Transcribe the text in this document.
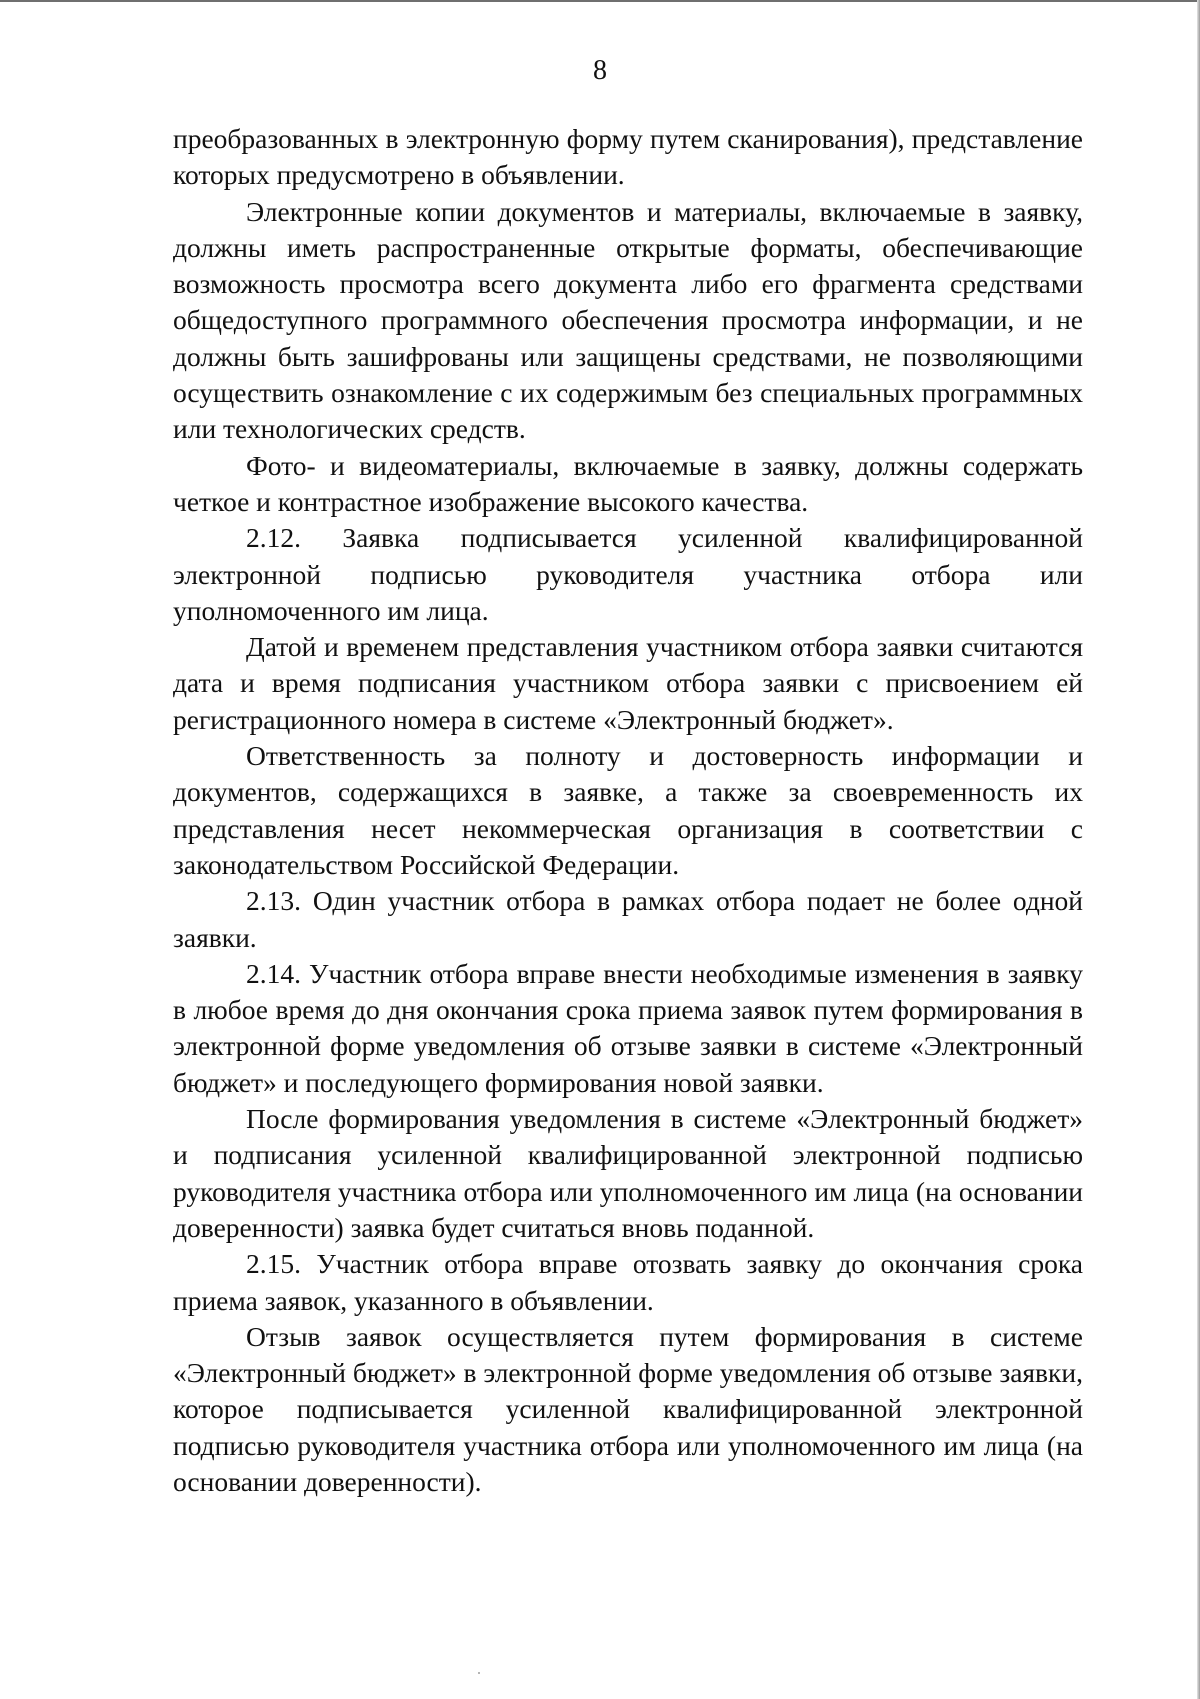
8

преобразованных в электронную форму путем сканирования), представление которых предусмотрено в объявлении.

Электронные копии документов и материалы, включаемые в заявку, должны иметь распространенные открытые форматы, обеспечивающие возможность просмотра всего документа либо его фрагмента средствами общедоступного программного обеспечения просмотра информации, и не должны быть зашифрованы или защищены средствами, не позволяющими осуществить ознакомление с их содержимым без специальных программных или технологических средств.

Фото- и видеоматериалы, включаемые в заявку, должны содержать четкое и контрастное изображение высокого качества.

2.12. Заявка подписывается усиленной квалифицированной электронной подписью руководителя участника отбора или уполномоченного им лица.

Датой и временем представления участником отбора заявки считаются дата и время подписания участником отбора заявки с присвоением ей регистрационного номера в системе «Электронный бюджет».

Ответственность за полноту и достоверность информации и документов, содержащихся в заявке, а также за своевременность их представления несет некоммерческая организация в соответствии с законодательством Российской Федерации.

2.13. Один участник отбора в рамках отбора подает не более одной заявки.

2.14. Участник отбора вправе внести необходимые изменения в заявку в любое время до дня окончания срока приема заявок путем формирования в электронной форме уведомления об отзыве заявки в системе «Электронный бюджет» и последующего формирования новой заявки.

После формирования уведомления в системе «Электронный бюджет» и подписания усиленной квалифицированной электронной подписью руководителя участника отбора или уполномоченного им лица (на основании доверенности) заявка будет считаться вновь поданной.

2.15. Участник отбора вправе отозвать заявку до окончания срока приема заявок, указанного в объявлении.

Отзыв заявок осуществляется путем формирования в системе «Электронный бюджет» в электронной форме уведомления об отзыве заявки, которое подписывается усиленной квалифицированной электронной подписью руководителя участника отбора или уполномоченного им лица (на основании доверенности).
